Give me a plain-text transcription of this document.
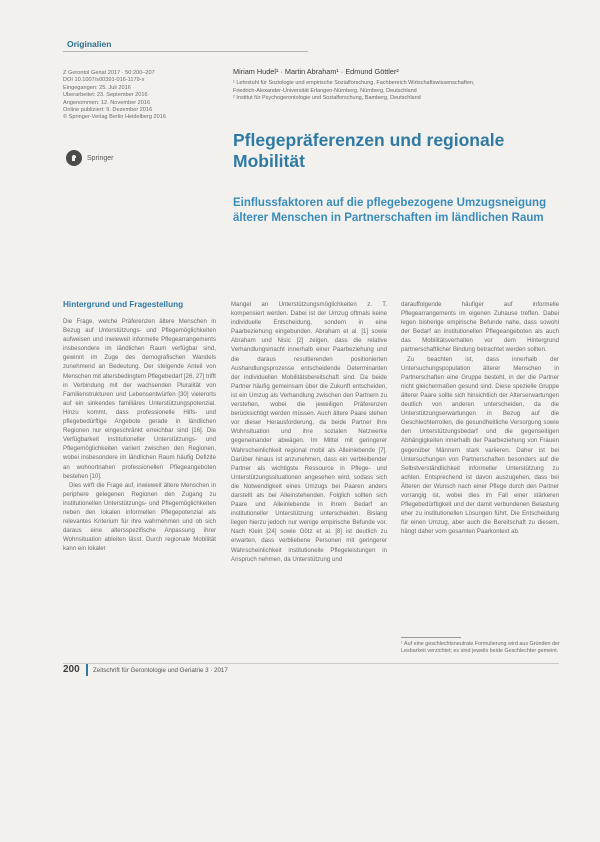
Originalien
Z Gerontol Geriat 2017 · 50:200–207
DOI 10.1007/s00391-016-1179-x
Eingegangen: 25. Juli 2016
Überarbeitet: 23. September 2016
Angenommen: 12. November 2016
Online publiziert: 9. Dezember 2016
© Springer-Verlag Berlin Heidelberg 2016
Springer
Miriam Hudel¹ · Martin Abraham¹ · Edmund Göttler²
¹ Lehrstuhl für Soziologie und empirische Sozialforschung, Fachbereich Wirtschaftswissenschaften,
Friedrich-Alexander-Universität Erlangen-Nürnberg, Nürnberg, Deutschland
² Institut für Psychogerontologie und Sozialforschung, Bamberg, Deutschland
Pflegepräferenzen und regionale Mobilität
Einflussfaktoren auf die pflegebezogene Umzugsneigung älterer Menschen in Partnerschaften im ländlichen Raum
Hintergrund und Fragestellung

Die Frage, welche Präferenzen ältere Menschen in Bezug auf Unterstützungs- und Pflegemöglichkeiten aufweisen und inwieweit informelle Pflegearrangements insbesondere im ländlichen Raum verfügbar sind, gewinnt im Zuge des demografischen Wandels zunehmend an Bedeutung. Der steigende Anteil von Menschen mit altersbedingtem Pflegebedarf [26, 27] trifft in Verbindung mit der wachsenden Pluralität von Familienstrukturen und Lebensentwürfen [30] vielerorts auf ein sinkendes familiäres Unterstützungspotenzial. Hinzu kommt, dass professionelle Hilfs- und pflegebedürftige Angebote gerade in ländlichen Regionen nur eingeschränkt erreichbar sind [16]. Die Verfügbarkeit institutioneller Unterstützungs- und Pflegemöglichkeiten variiert zwischen den Regionen, wobei insbesondere im ländlichen Raum häufig Defizite an wohnortnahen professionellen Pflegeangeboten bestehen [10].

Dies wirft die Frage auf, inwieweit ältere Menschen in periphere gelegenen Regionen den Zugang zu institutionellen Unterstützungs- und Pflegemöglichkeiten neben den lokalen informellen Pflegepotenzial als relevantes Kriterium für ihre wahrnehmen und ob sich daraus eine altersspezifische Anpassung ihrer Wohnsituation ableiten lässt. Durch regionale Mobilität kann ein lokaler

Mangel an Unterstützungsmöglichkeiten z. T. kompensiert werden. Dabei ist der Umzug oftmals keine individuelle Entscheidung, sondern in eine Paarbeziehung eingebunden. Abraham et al. [1] sowie Abraham und Nisic [2] zeigen, dass die relative Verhandlungsmacht innerhalb einer Paarbeziehung und die daraus resultierenden positionierten Aushandlungsprozesse entscheidende Determinanten der individuellen Mobilitätsbereitschaft sind. Da beide Partner häufig gemeinsam über die Zukunft entscheiden, ist ein Umzug als Verhandlung zwischen den Partnern zu verstehen, wobei die jeweiligen Präferenzen berücksichtigt werden müssen. Auch ältere Paare stehen vor dieser Herausforderung, da beide Partner ihre Wohnsituation und ihre sozialen Netzwerke gegeneinander abwägen. Im Mittel mit geringerer Wahrscheinlichkeit regional mobil als Alleinlebende [7]. Darüber hinaus ist anzunehmen, dass ein verbleibender Partner als wichtigste Ressource in Pflege- und Unterstützungssituationen angesehen wird, sodass sich die Notwendigkeit eines Umzugs bei Paaren anders darstellt als bei Alleinstehenden. Folglich sollten sich Paare und Alleinlebende in ihrem Bedarf an institutioneller Unterstützung unterscheiden. Bislang liegen hierzu jedoch nur wenige empirische Befunde vor. Nach Klein [24] sowie Götz et al. [8] ist deutlich zu erwarten, dass verbliebene Personen mit geringerer Wahrscheinlichkeit institutionelle Pflegeleistungen in Anspruch nehmen, da Unterstützung und

darauffolgende häufiger auf informelle Pflegearrangements im eigenen Zuhause treffen. Dabei legen bisherige empirische Befunde nahe, dass sowohl der Bedarf an institutionellen Pflegeangeboten als auch das Mobilitätsverhalten vor dem Hintergrund partnerschaftlicher Bindung betrachtet werden sollten.

Zu beachten ist, dass innerhalb der Untersuchungspopulation älterer Menschen in Partnerschaften eine Gruppe besteht, in der die Partner nicht gleichermaßen gesund sind. Diese spezielle Gruppe älterer Paare sollte sich hinsichtlich der Alterserwartungen deutlich von anderen unterscheiden, da die Unterstützungserwartungen in Bezug auf die Geschlechterrollen, die gesundheitliche Versorgung sowie den Unterstützungsbedarf und die gegenseitigen Abhängigkeiten innerhalb der Paarbeziehung von Frauen gegenüber Männern stark variieren. Daher ist bei Untersuchungen von Partnerschaften besonders auf die Selbstverständlichkeit informeller Unterstützung zu achten. Entsprechend ist davon auszugehen, dass bei Älteren der Wunsch nach einer Pflege durch den Partner vorrangig ist, wobei dies im Fall einer stärkeren Pflegebedürftigkeit und der damit verbundenen Belastung eher zu institutionellen Lösungen führt. Die Entscheidung für einen Umzug, aber auch die Bereitschaft zu diesem, hängt daher vom gesamten Paarkontext ab.

¹ Auf eine geschlechtsneutrale Formulierung wird aus Gründen der Lesbarkeit verzichtet; es sind jeweils beide Geschlechter gemeint.
200 Zeitschrift für Gerontologie und Geriatrie 3 · 2017
